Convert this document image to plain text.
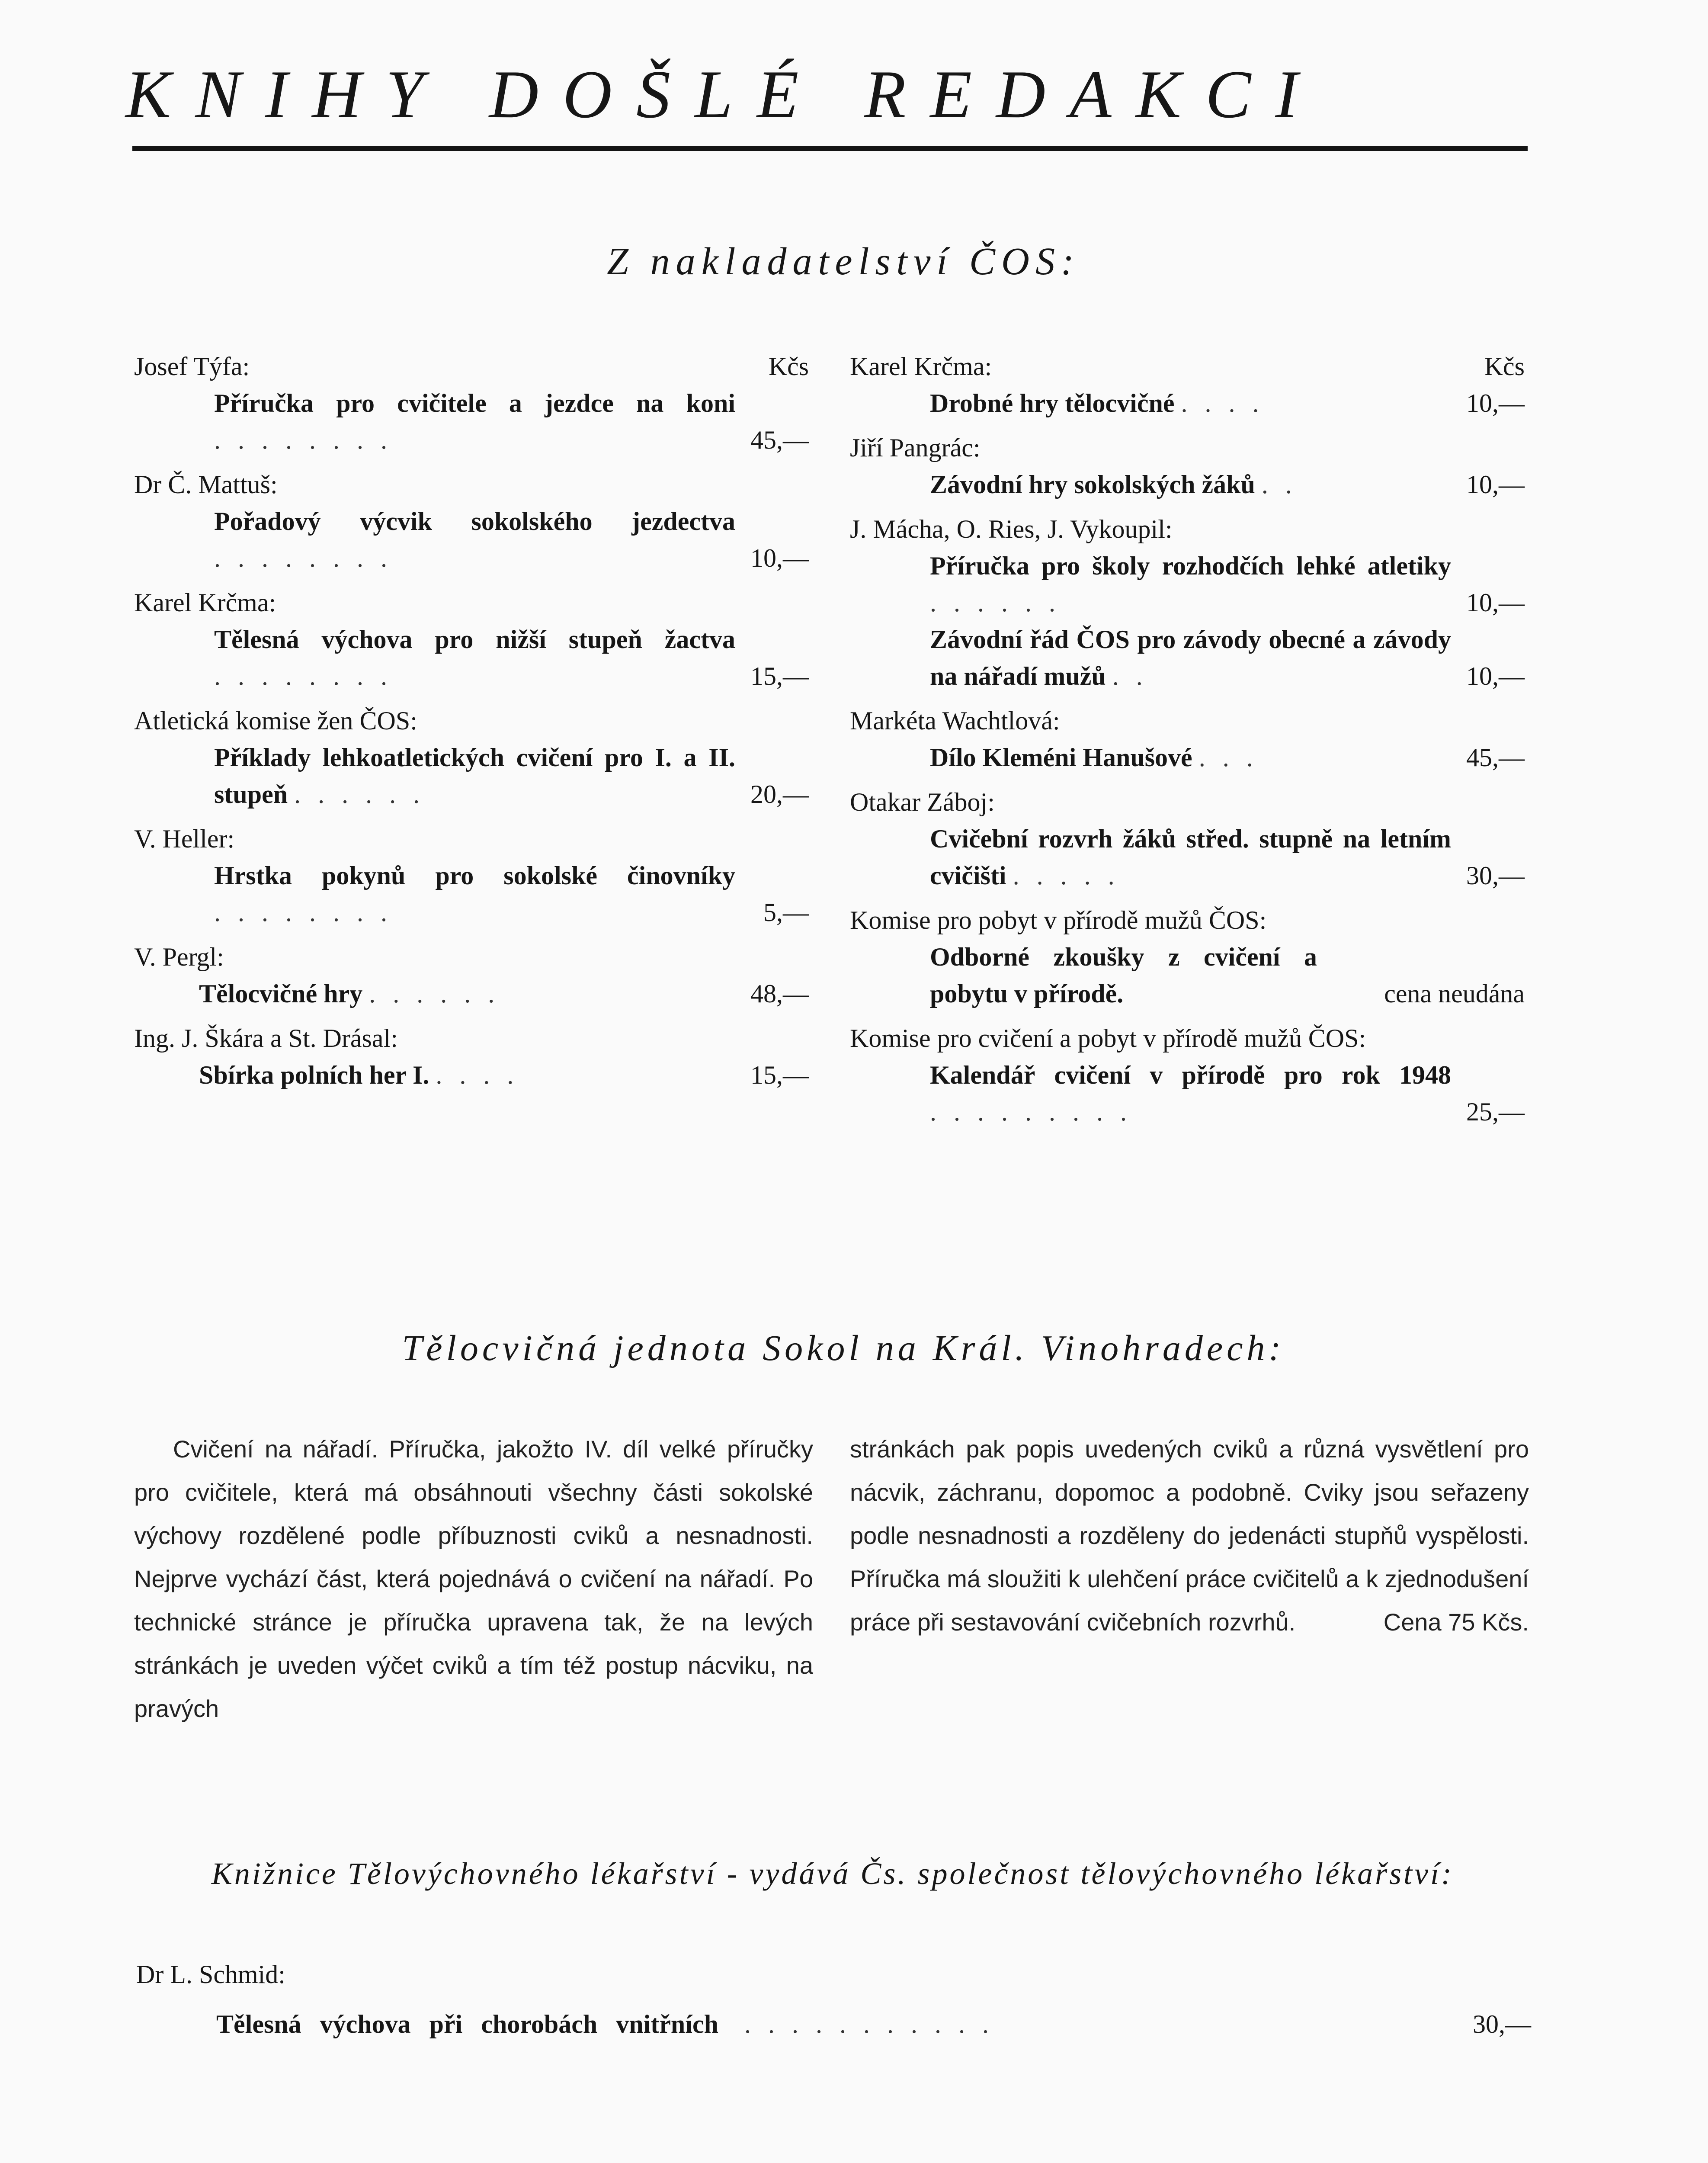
KNIHY DOŠLÉ REDAKCI
Z nakladatelství ČOS:
Kčs

Josef Týfa:

Příručka pro cvičitele a jezdce na koni ........	45,—

Dr Č. Mattuš:

Pořadový výcvik sokolského jezdectva ........	10,—

Karel Krčma:

Tělesná výchova pro nižší stupeň žactva ........	15,—

Atletická komise žen ČOS:

Příklady lehkoatletických cvičení pro I. a II. stupeň ......	20,—

V. Heller:

Hrstka pokynů pro sokolské činovníky ........	5,—

V. Pergl:

Tělocvičné hry ......	48,—

Ing. J. Škára a St. Drásal:

Sbírka polních her I. ....	15,—
Kčs

Karel Krčma:

Drobné hry tělocvičné ....	10,—

Jiří Pangrác:

Závodní hry sokolských žáků ..	10,—

J. Mácha, O. Ries, J. Vykoupil:

Příručka pro školy rozhodčích lehké atletiky ......	10,—
Závodní řád ČOS pro závody obecné a závody na nářadí mužů ..	10,—

Markéta Wachtlová:

Dílo Kleméni Hanušové ...	45,—

Otakar Záboj:

Cvičební rozvrh žáků střed. stupně na letním cvičišti .....	30,—

Komise pro pobyt v přírodě mužů ČOS:

Odborné zkoušky z cvičení a pobytu v přírodě.	cena neudána

Komise pro cvičení a pobyt v přírodě mužů ČOS:

Kalendář cvičení v přírodě pro rok 1948 .........	25,—
Tělocvičná jednota Sokol na Král. Vinohradech:

Cvičení na nářadí. Příručka, jakožto IV. díl velké příručky pro cvičitele, která má obsáhnouti všechny části sokolské výchovy rozdělené podle příbuznosti cviků a nesnadnosti. Nejprve vychází část, která pojednává o cvičení na nářadí. Po technické stránce je příručka upravena tak, že na levých stránkách je uveden výčet cviků a tím též postup nácviku, na pravých

stránkách pak popis uvedených cviků a různá vysvětlení pro nácvik, záchranu, dopomoc a podobně. Cviky jsou seřazeny podle nesnadnosti a rozděleny do jedenácti stupňů vyspělosti. Příručka má sloužiti k ulehčení práce cvičitelů a k zjednodušení práce při sestavování cvičebních rozvrhů.	Cena 75 Kčs.

Knižnice Tělovýchovného lékařství - vydává Čs. společnost tělovýchovného lékařství:
Dr L. Schmid:
Tělesná výchova při chorobách vnitřních	...........	30,—
